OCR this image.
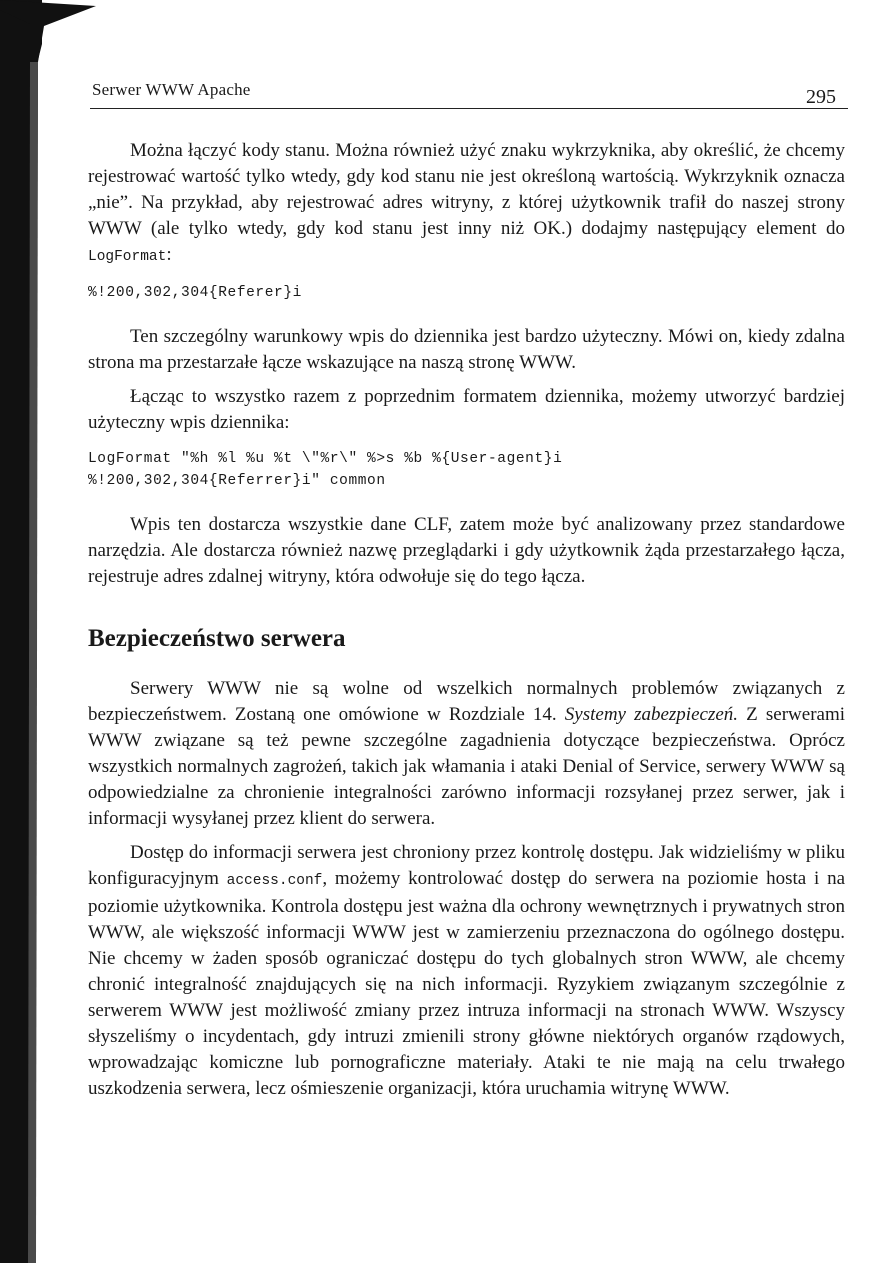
Serwer WWW Apache	295

Można łączyć kody stanu. Można również użyć znaku wykrzyknika, aby określić, że chcemy rejestrować wartość tylko wtedy, gdy kod stanu nie jest określoną wartością. Wykrzyknik oznacza „nie”. Na przykład, aby rejestrować adres witryny, z której użytkownik trafił do naszej strony WWW (ale tylko wtedy, gdy kod stanu jest inny niż OK.) dodajmy następujący element do LogFormat:

%!200,302,304{Referer}i

Ten szczególny warunkowy wpis do dziennika jest bardzo użyteczny. Mówi on, kiedy zdalna strona ma przestarzałe łącze wskazujące na naszą stronę WWW.

Łącząc to wszystko razem z poprzednim formatem dziennika, możemy utworzyć bardziej użyteczny wpis dziennika:

LogFormat "%h %l %u %t \"%r\" %>s %b %{User-agent}i
%!200,302,304{Referrer}i" common

Wpis ten dostarcza wszystkie dane CLF, zatem może być analizowany przez standardowe narzędzia. Ale dostarcza również nazwę przeglądarki i gdy użytkownik żąda przestarzałego łącza, rejestruje adres zdalnej witryny, która odwołuje się do tego łącza.

Bezpieczeństwo serwera

Serwery WWW nie są wolne od wszelkich normalnych problemów związanych z bezpieczeństwem. Zostaną one omówione w Rozdziale 14. Systemy zabezpieczeń. Z serwerami WWW związane są też pewne szczególne zagadnienia dotyczące bezpieczeństwa. Oprócz wszystkich normalnych zagrożeń, takich jak włamania i ataki Denial of Service, serwery WWW są odpowiedzialne za chronienie integralności zarówno informacji rozsyłanej przez serwer, jak i informacji wysyłanej przez klient do serwera.

Dostęp do informacji serwera jest chroniony przez kontrolę dostępu. Jak widzieliśmy w pliku konfiguracyjnym access.conf, możemy kontrolować dostęp do serwera na poziomie hosta i na poziomie użytkownika. Kontrola dostępu jest ważna dla ochrony wewnętrznych i prywatnych stron WWW, ale większość informacji WWW jest w zamierzeniu przeznaczona do ogólnego dostępu. Nie chcemy w żaden sposób ograniczać dostępu do tych globalnych stron WWW, ale chcemy chronić integralność znajdujących się na nich informacji. Ryzykiem związanym szczególnie z serwerem WWW jest możliwość zmiany przez intruza informacji na stronach WWW. Wszyscy słyszeliśmy o incydentach, gdy intruzi zmienili strony główne niektórych organów rządowych, wprowadzając komiczne lub pornograficzne materiały. Ataki te nie mają na celu trwałego uszkodzenia serwera, lecz ośmieszenie organizacji, która uruchamia witrynę WWW.
